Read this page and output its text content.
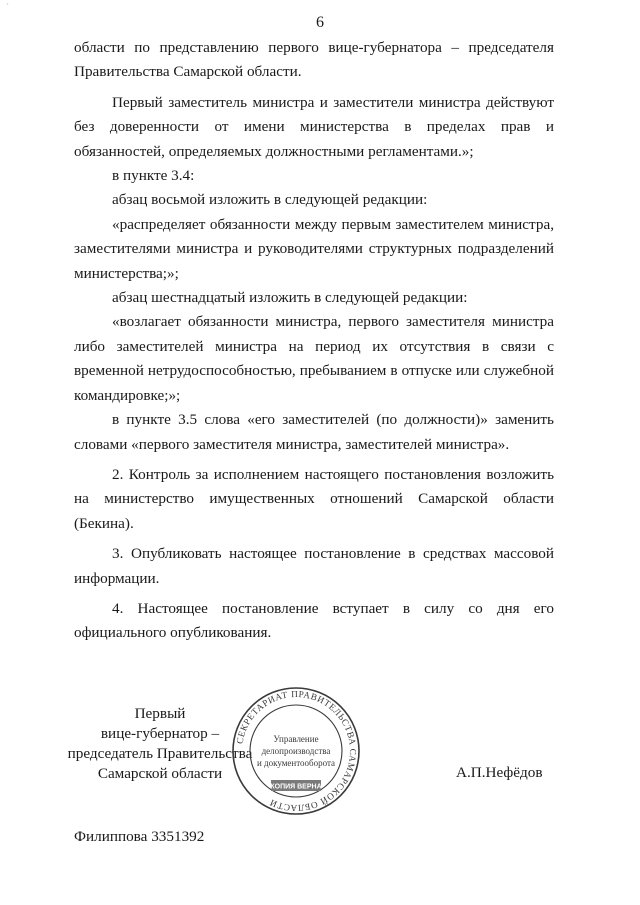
`
6

области по представлению первого вице-губернатора – председателя Правительства Самарской области.

Первый заместитель министра и заместители министра действуют без доверенности от имени министерства в пределах прав и обязанностей, определяемых должностными регламентами.»;

в пункте 3.4:

абзац восьмой изложить в следующей редакции:

«распределяет обязанности между первым заместителем министра, заместителями министра и руководителями структурных подразделений министерства;»;

абзац шестнадцатый изложить в следующей редакции:

«возлагает обязанности министра, первого заместителя министра либо заместителей министра на период их отсутствия в связи с временной нетрудоспособностью, пребыванием в отпуске или служебной командировке;»;

в пункте 3.5 слова «его заместителей (по должности)» заменить словами «первого заместителя министра, заместителей министра».

2. Контроль за исполнением настоящего постановления возложить на министерство имущественных отношений Самарской области (Бекина).

3. Опубликовать настоящее постановление в средствах массовой информации.

4. Настоящее постановление вступает в силу со дня его официального опубликования.

Первый
вице-губернатор –
председатель Правительства
Самарской области
СЕКРЕТАРИАТ ПРАВИТЕЛЬСТВА САМАРСКОЙ ОБЛАСТИ
Управление
делопроизводства
и документооборота
КОПИЯ ВЕРНА
А.П.Нефёдов
Филиппова 3351392
